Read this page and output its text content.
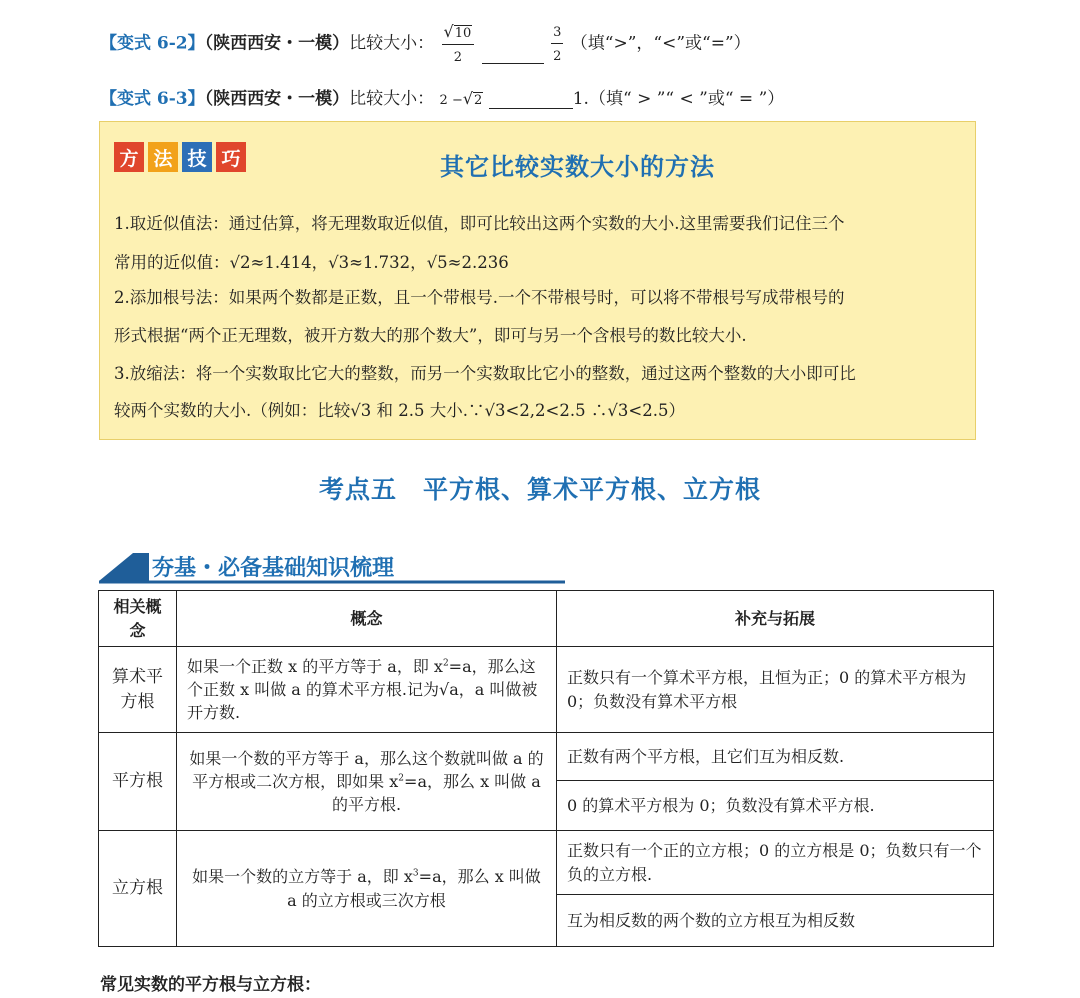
【变式 6-2】（陕西西安・一模）比较大小： $\frac{√10}{2}$
	$\frac{3}{2}$ （填“>”，“<”或“=”）
【变式 6-3】（陕西西安・一模）比较大小： 2 −√2	1.（填“ > ”“ < ”或“ = ”）
方 法 技 巧	其它比较实数大小的方法
1.取近似值法：通过估算，将无理数取近似值，即可比较出这两个实数的大小.这里需要我们记住三个
常用的近似值：√2≈1.414，√3≈1.732，√5≈2.236
2.添加根号法：如果两个数都是正数，且一个带根号.一个不带根号时，可以将不带根号写成带根号的
形式根据“两个正无理数，被开方数大的那个数大”，即可与另一个含根号的数比较大小.
3.放缩法：将一个实数取比它大的整数，而另一个实数取比它小的整数，通过这两个整数的大小即可比
较两个实数的大小.（例如：比较√3 和 2.5 大小.∵√3<2,2<2.5 ∴√3<2.5）
考点五　平方根、算术平方根、立方根
夯基・必备基础知识梳理
相关概念	概念	补充与拓展
算术平方根	如果一个正数 x 的平方等于 a，即 $x^2=a$，那么这个正数 x 叫做 a 的算术平方根.记为√a，a 叫做被开方数.	正数只有一个算术平方根，且恒为正；0 的算术平方根为 0；负数没有算术平方根
平方根	如果一个数的平方等于 a，那么这个数就叫做 a 的平方根或二次方根，即如果 $x^2=a$，那么 x 叫做 a 的平方根.	正数有两个平方根，且它们互为相反数.
		0 的算术平方根为 0；负数没有算术平方根.
立方根	如果一个数的立方等于 a，即 $x^3=a$，那么 x 叫做 a 的立方根或三次方根	正数只有一个正的立方根；0 的立方根是 0；负数只有一个负的立方根.
		互为相反数的两个数的立方根互为相反数
常见实数的平方根与立方根：
